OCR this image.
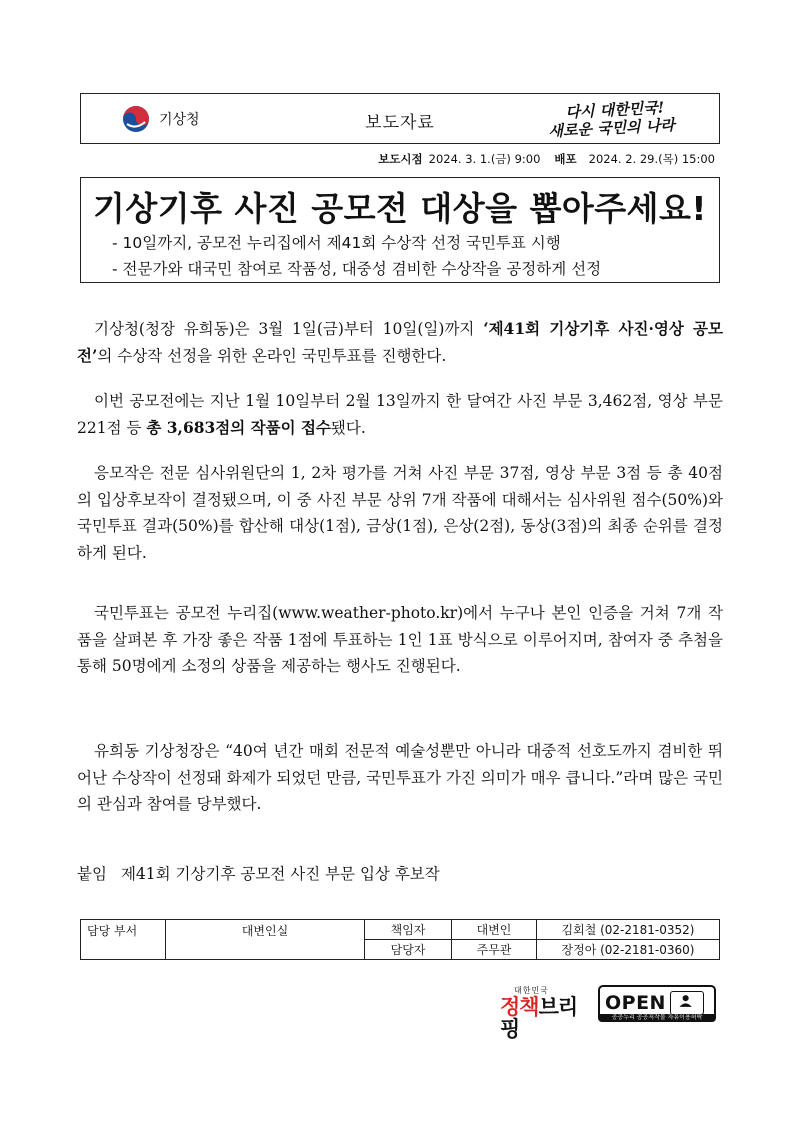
기상청	보도자료
다시 대한민국!
새로운 국민의 나라
보도시점 2024. 3. 1.(금) 9:00 배포 2024. 2. 29.(목) 15:00
기상기후 사진 공모전 대상을 뽑아주세요!
- 10일까지, 공모전 누리집에서 제41회 수상작 선정 국민투표 시행
- 전문가와 대국민 참여로 작품성, 대중성 겸비한 수상작을 공정하게 선정
기상청(청장 유희동)은 3월 1일(금)부터 10일(일)까지 ‘제41회 기상기후 사진·영상 공모전’의 수상작 선정을 위한 온라인 국민투표를 진행한다.
이번 공모전에는 지난 1월 10일부터 2월 13일까지 한 달여간 사진 부문 3,462점, 영상 부문 221점 등 총 3,683점의 작품이 접수됐다.
응모작은 전문 심사위원단의 1, 2차 평가를 거쳐 사진 부문 37점, 영상 부문 3점 등 총 40점의 입상후보작이 결정됐으며, 이 중 사진 부문 상위 7개 작품에 대해서는 심사위원 점수(50%)와 국민투표 결과(50%)를 합산해 대상(1점), 금상(1점), 은상(2점), 동상(3점)의 최종 순위를 결정하게 된다.
국민투표는 공모전 누리집(www.weather-photo.kr)에서 누구나 본인 인증을 거쳐 7개 작품을 살펴본 후 가장 좋은 작품 1점에 투표하는 1인 1표 방식으로 이루어지며, 참여자 중 추첨을 통해 50명에게 소정의 상품을 제공하는 행사도 진행된다.
유희동 기상청장은 “40여 년간 매회 전문적 예술성뿐만 아니라 대중적 선호도까지 겸비한 뛰어난 수상작이 선정돼 화제가 되었던 만큼, 국민투표가 가진 의미가 매우 큽니다.”라며 많은 국민의 관심과 참여를 당부했다.
붙임 제41회 기상기후 공모전 사진 부문 입상 후보작
담당 부서	대변인실	책임자	대변인	김회철 (02-2181-0352)
		담당자	주무관	장정아 (02-2181-0360)
대한민국
정책브리핑
OPEN
공공누리 공공저작물 자유이용허락
